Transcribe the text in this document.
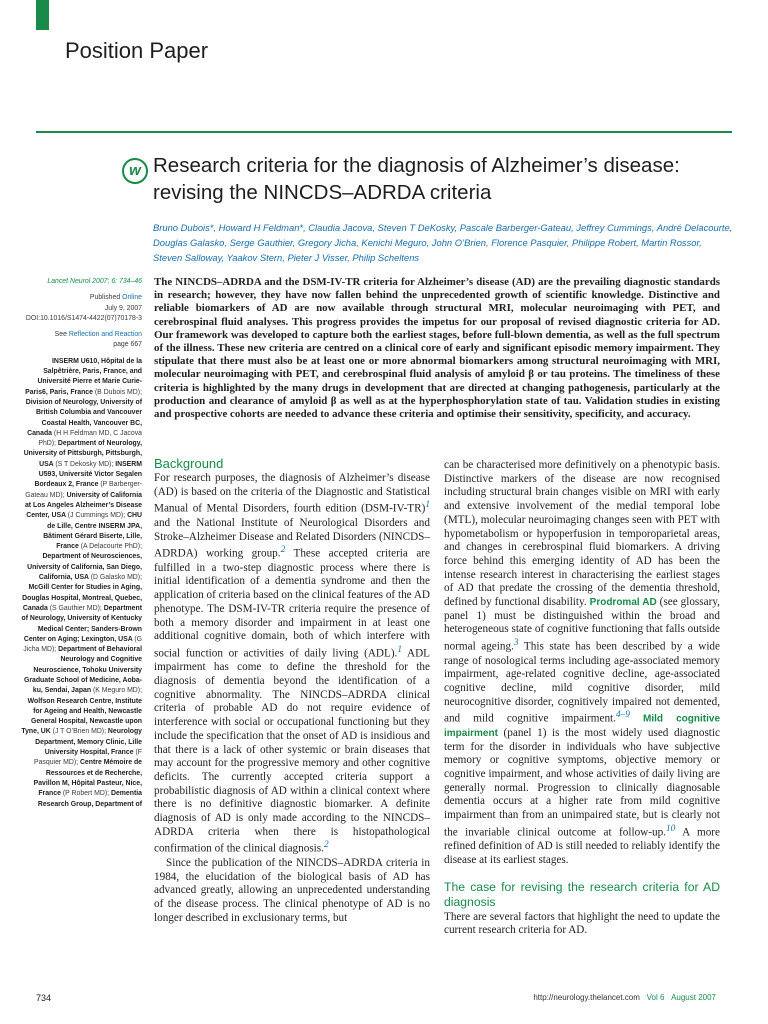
Position Paper
w Research criteria for the diagnosis of Alzheimer’s disease: revising the NINCDS–ADRDA criteria
Bruno Dubois*, Howard H Feldman*, Claudia Jacova, Steven T DeKosky, Pascale Barberger-Gateau, Jeffrey Cummings, André Delacourte, Douglas Galasko, Serge Gauthier, Gregory Jicha, Kenichi Meguro, John O’Brien, Florence Pasquier, Philippe Robert, Martin Rossor, Steven Salloway, Yaakov Stern, Pieter J Visser, Philip Scheltens

Lancet Neurol 2007; 6: 734–46

Published Online

July 9, 2007

DOI:10.1016/S1474-4422(07)70178-3

See Reflection and Reaction

page 667

INSERM U610, Hôpital de la Salpêtrière, Paris, France, and Université Pierre et Marie Curie-Paris6, Paris, France (B Dubois MD); Division of Neurology, University of British Columbia and Vancouver Coastal Health, Vancouver BC, Canada (H H Feldman MD, C Jacova PhD); Department of Neurology, University of Pittsburgh, Pittsburgh, USA (S T Dekosky MD); INSERM U593, Université Victor Segalen Bordeaux 2, France (P Barberger-Gateau MD); University of California at Los Angeles Alzheimer’s Disease Center, USA (J Cummings MD); CHU de Lille, Centre INSERM JPA, Bâtiment Gérard Biserte, Lille, France (A Delacourte PhD); Department of Neurosciences, University of California, San Diego, California, USA (D Galasko MD); McGill Center for Studies in Aging, Douglas Hospital, Montreal, Quebec, Canada (S Gauthier MD); Department of Neurology, University of Kentucky Medical Center; Sanders-Brown Center on Aging; Lexington, USA (G Jicha MD); Department of Behavioral Neurology and Cognitive Neuroscience, Tohoku University Graduate School of Medicine, Aoba-ku, Sendai, Japan (K Meguro MD); Wolfson Research Centre, Institute for Ageing and Health, Newcastle General Hospital, Newcastle upon Tyne, UK (J T O’Brien MD); Neurology Department, Memory Clinic, Lille University Hospital, France (F Pasquier MD); Centre Mémoire de Ressources et de Recherche, Pavillon M, Hôpital Pasteur, Nice, France (P Robert MD); Dementia Research Group, Department of

The NINCDS–ADRDA and the DSM-IV-TR criteria for Alzheimer’s disease (AD) are the prevailing diagnostic standards in research; however, they have now fallen behind the unprecedented growth of scientific knowledge. Distinctive and reliable biomarkers of AD are now available through structural MRI, molecular neuroimaging with PET, and cerebrospinal fluid analyses. This progress provides the impetus for our proposal of revised diagnostic criteria for AD. Our framework was developed to capture both the earliest stages, before full-blown dementia, as well as the full spectrum of the illness. These new criteria are centred on a clinical core of early and significant episodic memory impairment. They stipulate that there must also be at least one or more abnormal biomarkers among structural neuroimaging with MRI, molecular neuroimaging with PET, and cerebrospinal fluid analysis of amyloid β or tau proteins. The timeliness of these criteria is highlighted by the many drugs in development that are directed at changing pathogenesis, particularly at the production and clearance of amyloid β as well as at the hyperphosphorylation state of tau. Validation studies in existing and prospective cohorts are needed to advance these criteria and optimise their sensitivity, specificity, and accuracy.

Background

For research purposes, the diagnosis of Alzheimer’s disease (AD) is based on the criteria of the Diagnostic and Statistical Manual of Mental Disorders, fourth edition (DSM-IV-TR)$^1$ and the National Institute of Neurological Disorders and Stroke–Alzheimer Disease and Related Disorders (NINCDS–ADRDA) working group.$^2$ These accepted criteria are fulfilled in a two-step diagnostic process where there is initial identification of a dementia syndrome and then the application of criteria based on the clinical features of the AD phenotype. The DSM-IV-TR criteria require the presence of both a memory disorder and impairment in at least one additional cognitive domain, both of which interfere with social function or activities of daily living (ADL).$^1$ ADL impairment has come to define the threshold for the diagnosis of dementia beyond the identification of a cognitive abnormality. The NINCDS–ADRDA clinical criteria of probable AD do not require evidence of interference with social or occupational functioning but they include the specification that the onset of AD is insidious and that there is a lack of other systemic or brain diseases that may account for the progressive memory and other cognitive deficits. The currently accepted criteria support a probabilistic diagnosis of AD within a clinical context where there is no definitive diagnostic biomarker. A definite diagnosis of AD is only made according to the NINCDS–ADRDA criteria when there is histopathological confirmation of the clinical diagnosis.$^2$

Since the publication of the NINCDS–ADRDA criteria in 1984, the elucidation of the biological basis of AD has advanced greatly, allowing an unprecedented understanding of the disease process. The clinical phenotype of AD is no longer described in exclusionary terms, but

can be characterised more definitively on a phenotypic basis. Distinctive markers of the disease are now recognised including structural brain changes visible on MRI with early and extensive involvement of the medial temporal lobe (MTL), molecular neuroimaging changes seen with PET with hypometabolism or hypoperfusion in temporoparietal areas, and changes in cerebrospinal fluid biomarkers. A driving force behind this emerging identity of AD has been the intense research interest in characterising the earliest stages of AD that predate the crossing of the dementia threshold, defined by functional disability. Prodromal AD (see glossary, panel 1) must be distinguished within the broad and heterogeneous state of cognitive functioning that falls outside normal ageing.$^3$ This state has been described by a wide range of nosological terms including age-associated memory impairment, age-related cognitive decline, age-associated cognitive decline, mild cognitive disorder, mild neurocognitive disorder, cognitively impaired not demented, and mild cognitive impairment.$^{4-9}$ Mild cognitive impairment (panel 1) is the most widely used diagnostic term for the disorder in individuals who have subjective memory or cognitive symptoms, objective memory or cognitive impairment, and whose activities of daily living are generally normal. Progression to clinically diagnosable dementia occurs at a higher rate from mild cognitive impairment than from an unimpaired state, but is clearly not the invariable clinical outcome at follow-up.$^{10}$ A more refined definition of AD is still needed to reliably identify the disease at its earliest stages.

The case for revising the research criteria for AD diagnosis

There are several factors that highlight the need to update the current research criteria for AD.

734	http://neurology.thelancet.com Vol 6 August 2007
